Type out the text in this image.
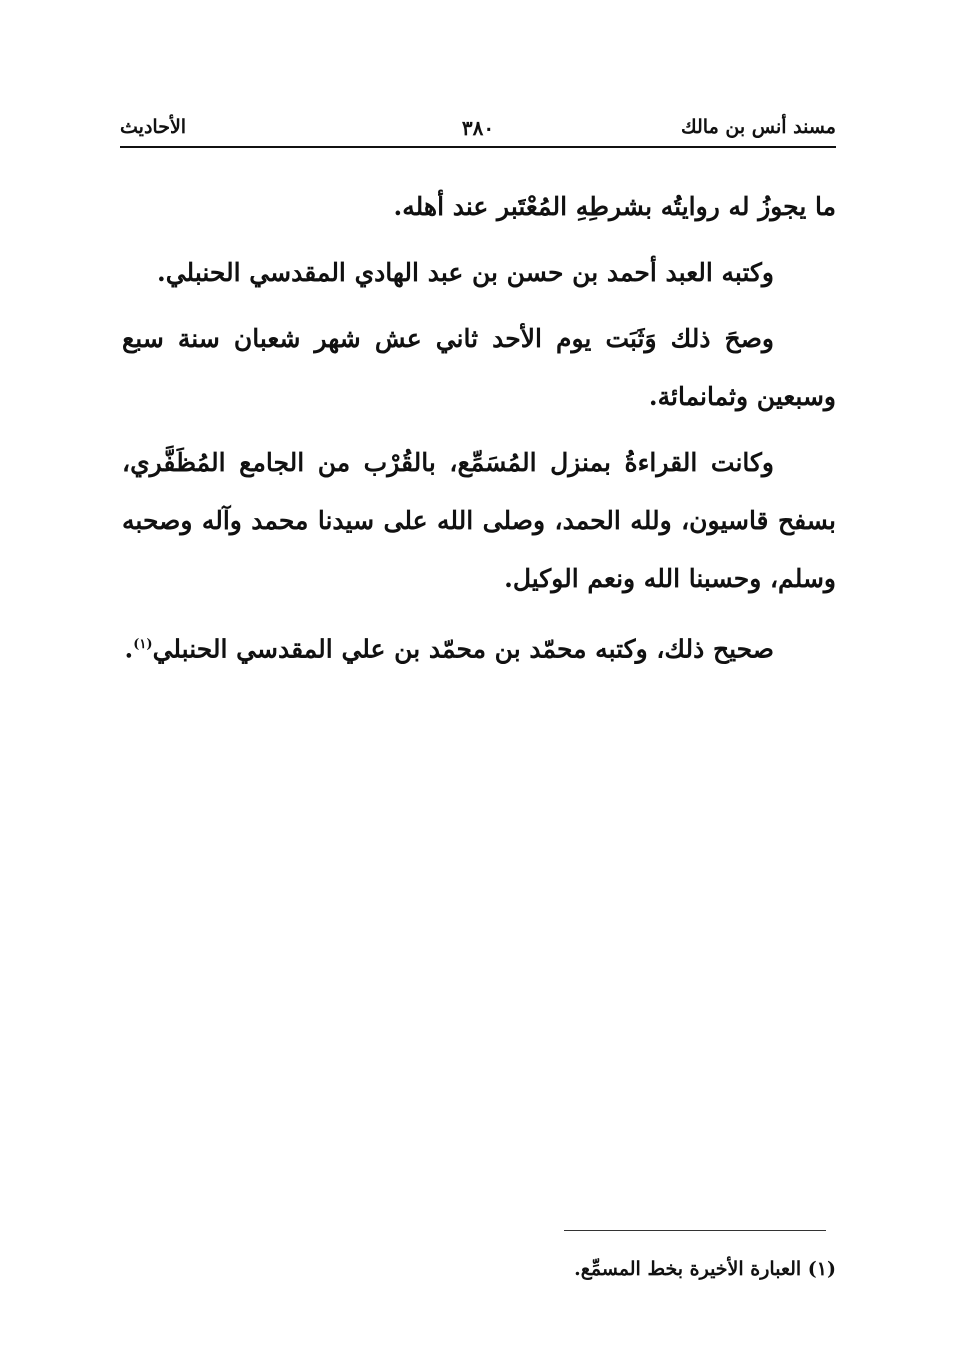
مسند أنس بن مالك
٣٨٠
الأحاديث

ما يجوزُ له روايتُه بشرطِهِ المُعْتَبر عند أهله.

وكتبه العبد أحمد بن حسن بن عبد الهادي المقدسي الحنبلي.

وصحَ ذلك وَثَبَت يوم الأحد ثاني عش شهر شعبان سنة سبع وسبعين وثمانمائة.

وكانت القراءةُ بمنزل المُسَمِّع، بالقُرْب من الجامع المُظَفَّري، بسفح قاسيون، ولله الحمد، وصلى الله على سيدنا محمد وآله وصحبه وسلم، وحسبنا الله ونعم الوكيل.

صحيح ذلك، وكتبه محمّد بن محمّد بن علي المقدسي الحنبلي$^{(١)}$.

(١) العبارة الأخيرة بخط المسمِّع.
